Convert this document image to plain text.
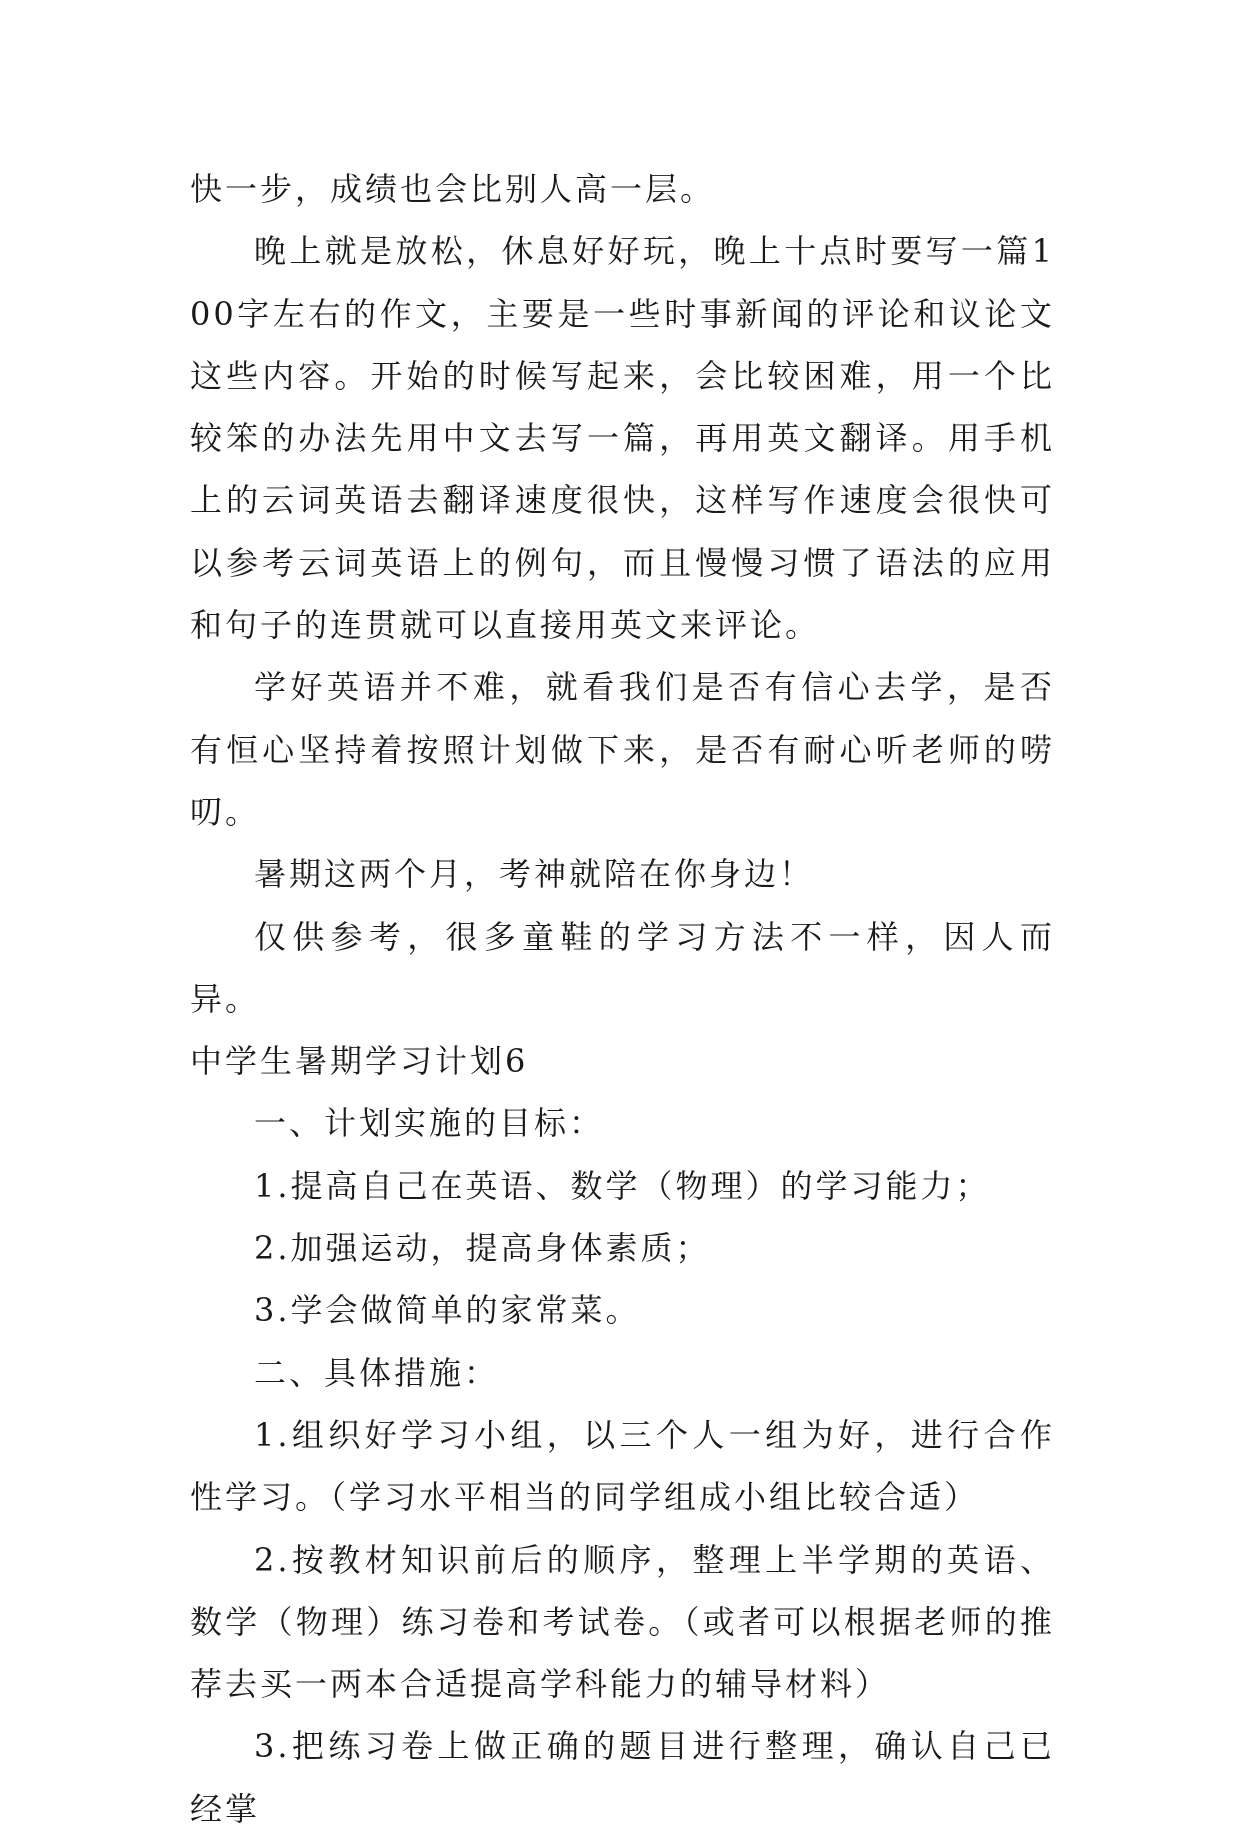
快一步，成绩也会比别人高一层。

晚上就是放松，休息好好玩，晚上十点时要写一篇100字左右的作文，主要是一些时事新闻的评论和议论文这些内容。开始的时候写起来，会比较困难，用一个比较笨的办法先用中文去写一篇，再用英文翻译。用手机上的云词英语去翻译速度很快，这样写作速度会很快可以参考云词英语上的例句，而且慢慢习惯了语法的应用和句子的连贯就可以直接用英文来评论。

学好英语并不难，就看我们是否有信心去学，是否有恒心坚持着按照计划做下来，是否有耐心听老师的唠叨。

暑期这两个月，考神就陪在你身边！

仅供参考，很多童鞋的学习方法不一样，因人而异。

中学生暑期学习计划6

一、计划实施的目标：

1.提高自己在英语、数学（物理）的学习能力；

2.加强运动，提高身体素质；

3.学会做简单的家常菜。

二、具体措施：

1.组织好学习小组，以三个人一组为好，进行合作性学习。（学习水平相当的同学组成小组比较合适）

2.按教材知识前后的顺序，整理上半学期的英语、数学（物理）练习卷和考试卷。（或者可以根据老师的推荐去买一两本合适提高学科能力的辅导材料）

3.把练习卷上做正确的题目进行整理，确认自己已经掌
